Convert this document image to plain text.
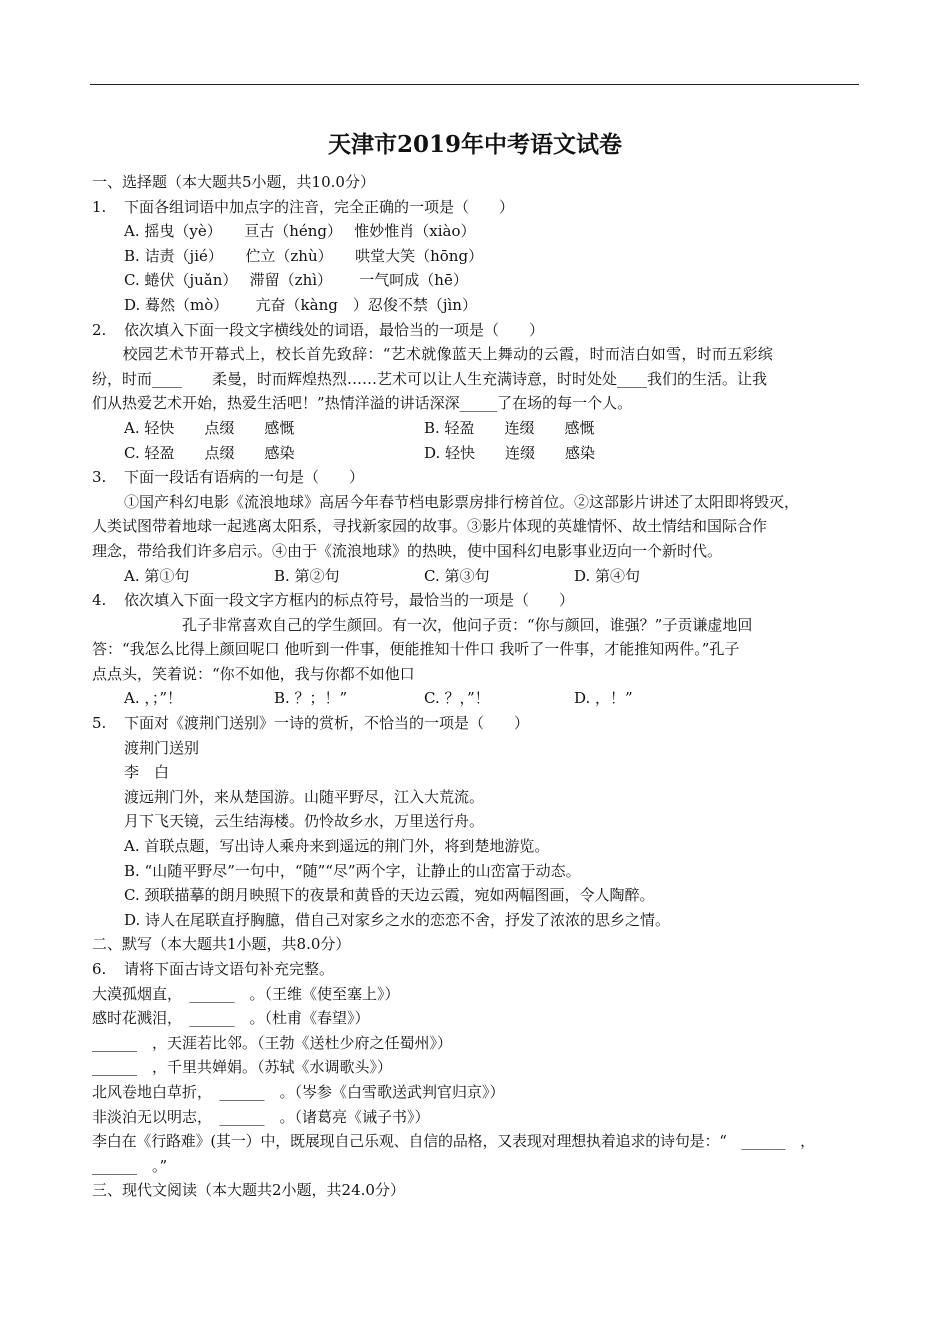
天津市2019年中考语文试卷
一、选择题（本大题共5小题，共10.0分）
1.	下面各组词语中加点字的注音，完全正确的一项是（　　）
A. 摇曳（yè）　　亘古（héng）　 惟妙惟肖（xiào）
B. 诘责（jié）　　伫立（zhù）　　哄堂大笑（hōng）
C. 蜷伏（juǎn）　 滞留（zhì）　　 一气呵成（hē）
D. 蓦然（mò）　　 亢奋（kàng　）忍俊不禁（jìn）
2.	依次填入下面一段文字横线处的词语，最恰当的一项是（　　）
　　校园艺术节开幕式上，校长首先致辞：“艺术就像蓝天上舞动的云霞，时而洁白如雪，时而五彩缤
纷，时而____　　柔曼，时而辉煌热烈……艺术可以让人生充满诗意，时时处处____我们的生活。让我
们从热爱艺术开始，热爱生活吧！”热情洋溢的讲话深深_____了在场的每一个人。
A. 轻快　　点缀　　感慨	B. 轻盈　　连缀　　感慨
C. 轻盈　　点缀　　感染	D. 轻快　　连缀　　感染
3.	下面一段话有语病的一句是（　　）
①国产科幻电影《流浪地球》高居今年春节档电影票房排行榜首位。②这部影片讲述了太阳即将毁灭，
人类试图带着地球一起逃离太阳系，寻找新家园的故事。③影片体现的英雄情怀、故土情结和国际合作
理念，带给我们许多启示。④由于《流浪地球》的热映，使中国科幻电影事业迈向一个新时代。
A. 第①句	B. 第②句	C. 第③句	D. 第④句
4.	依次填入下面一段文字方框内的标点符号，最恰当的一项是（　　）
　　　　　　孔子非常喜欢自己的学生颜回。有一次，他问子贡：“你与颜回，谁强？”子贡谦虚地回
答：“我怎么比得上颜回呢口 他听到一件事，便能推知十件口 我听了一件事，才能推知两件。”孔子
点点头，笑着说：“你不如他，我与你都不如他口
A. ，；”！	B. ？；！”	C. ？，”！	D. ，！”
5.	下面对《渡荆门送别》一诗的赏析，不恰当的一项是（　　）
渡荆门送别
李　白
渡远荆门外，来从楚国游。山随平野尽，江入大荒流。
月下飞天镜，云生结海楼。仍怜故乡水，万里送行舟。
A. 首联点题，写出诗人乘舟来到遥远的荆门外，将到楚地游览。
B. “山随平野尽”一句中，“随”“尽”两个字，让静止的山峦富于动态。
C. 颈联描摹的朗月映照下的夜景和黄昏的天边云霞，宛如两幅图画，令人陶醉。
D. 诗人在尾联直抒胸臆，借自己对家乡之水的恋恋不舍，抒发了浓浓的思乡之情。
二、默写（本大题共1小题，共8.0分）
6.	请将下面古诗文语句补充完整。
大漠孤烟直，　______　。（王维《使至塞上》）
感时花溅泪，　______　。（杜甫《春望》）
______　，天涯若比邻。（王勃《送杜少府之任蜀州》）
______　，千里共婵娟。（苏轼《水调歌头》）
北风卷地白草折，　______　。（岑参《白雪歌送武判官归京》）
非淡泊无以明志，　______　。（诸葛亮《诫子书》）
李白在《行路难》(其一）中，既展现自己乐观、自信的品格，又表现对理想执着追求的诗句是：“　______　，
______　。”
三、现代文阅读（本大题共2小题，共24.0分）
